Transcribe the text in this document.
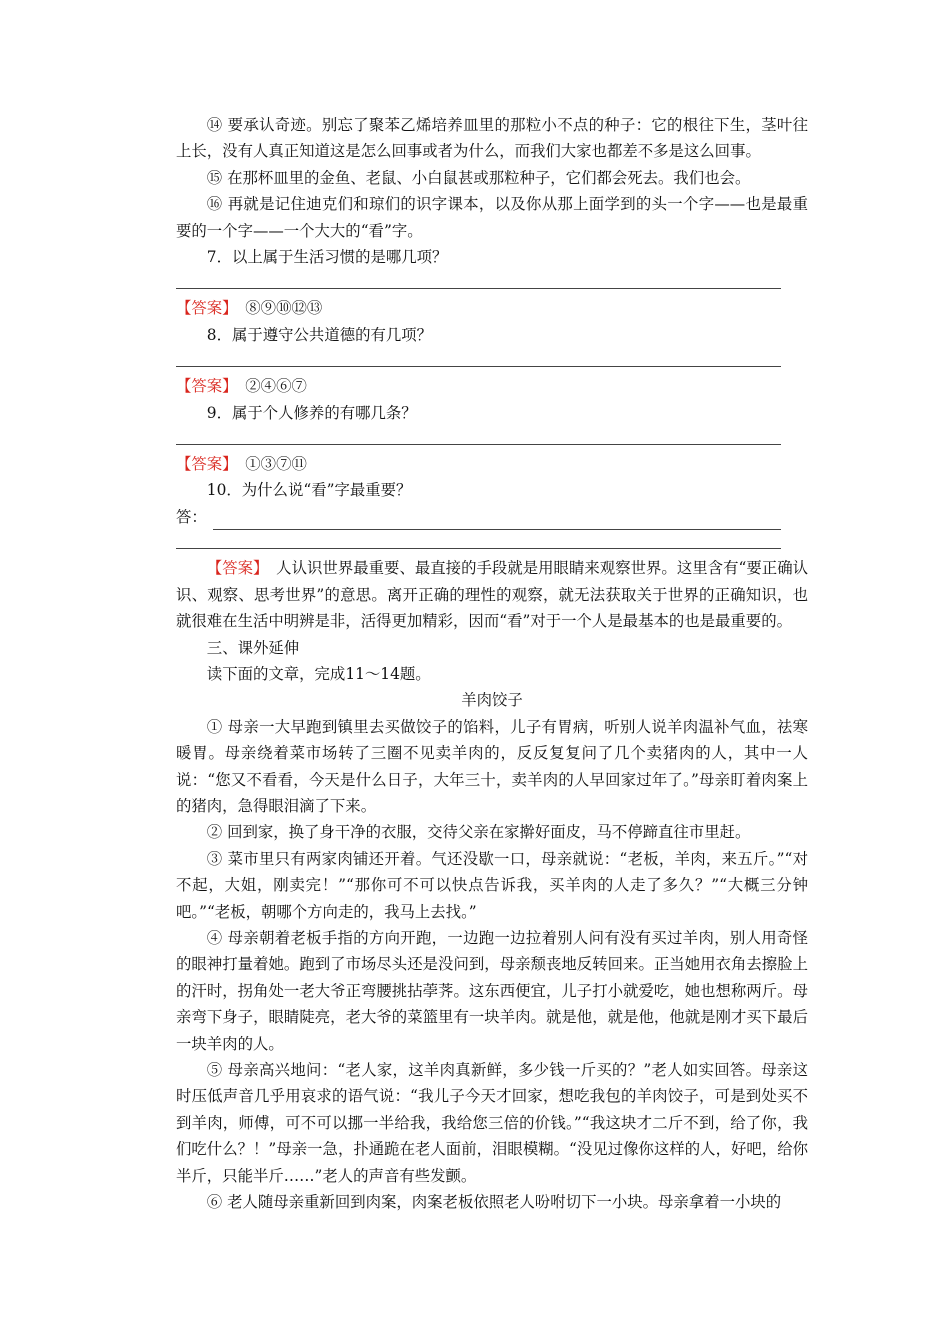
⑭ 要承认奇迹。别忘了聚苯乙烯培养皿里的那粒小不点的种子：它的根往下生，茎叶往上长，没有人真正知道这是怎么回事或者为什么，而我们大家也都差不多是这么回事。

⑮ 在那杯皿里的金鱼、老鼠、小白鼠甚或那粒种子，它们都会死去。我们也会。

⑯ 再就是记住迪克们和琼们的识字课本，以及你从那上面学到的头一个字——也是最重要的一个字——一个大大的“看”字。

7．以上属于生活习惯的是哪几项？

【答案】　 ⑧⑨⑩⑫⑬

8．属于遵守公共道德的有几项？

【答案】　 ②④⑥⑦

9．属于个人修养的有哪几条？

【答案】　 ①③⑦⑪

10．为什么说“看”字最重要？

答：

【答案】　 人认识世界最重要、最直接的手段就是用眼睛来观察世界。这里含有“要正确认识、观察、思考世界”的意思。离开正确的理性的观察，就无法获取关于世界的正确知识，也就很难在生活中明辨是非，活得更加精彩，因而“看”对于一个人是最基本的也是最重要的。

三、课外延伸

读下面的文章，完成11～14题。

羊肉饺子

① 母亲一大早跑到镇里去买做饺子的馅料，儿子有胃病，听别人说羊肉温补气血，祛寒暖胃。母亲绕着菜市场转了三圈不见卖羊肉的，反反复复问了几个卖猪肉的人，其中一人说：“您又不看看，今天是什么日子，大年三十，卖羊肉的人早回家过年了。”母亲盯着肉案上的猪肉，急得眼泪滴了下来。

② 回到家，换了身干净的衣服，交待父亲在家擀好面皮，马不停蹄直往市里赶。

③ 菜市里只有两家肉铺还开着。气还没歇一口，母亲就说：“老板，羊肉，来五斤。”“对不起，大姐，刚卖完！”“那你可不可以快点告诉我，买羊肉的人走了多久？”“大概三分钟吧。”“老板，朝哪个方向走的，我马上去找。”

④ 母亲朝着老板手指的方向开跑，一边跑一边拉着别人问有没有买过羊肉，别人用奇怪的眼神打量着她。跑到了市场尽头还是没问到，母亲颓丧地反转回来。正当她用衣角去擦脸上的汗时，拐角处一老大爷正弯腰挑拈荸荠。这东西便宜，儿子打小就爱吃，她也想称两斤。母亲弯下身子，眼睛陡亮，老大爷的菜篮里有一块羊肉。就是他，就是他，他就是刚才买下最后一块羊肉的人。

⑤ 母亲高兴地问：“老人家，这羊肉真新鲜，多少钱一斤买的？”老人如实回答。母亲这时压低声音几乎用哀求的语气说：“我儿子今天才回家，想吃我包的羊肉饺子，可是到处买不到羊肉，师傅，可不可以挪一半给我，我给您三倍的价钱。”“我这块才二斤不到，给了你，我们吃什么？！”母亲一急，扑通跪在老人面前，泪眼模糊。“没见过像你这样的人，好吧，给你半斤，只能半斤……”老人的声音有些发颤。

⑥ 老人随母亲重新回到肉案，肉案老板依照老人吩咐切下一小块。母亲拿着一小块的
